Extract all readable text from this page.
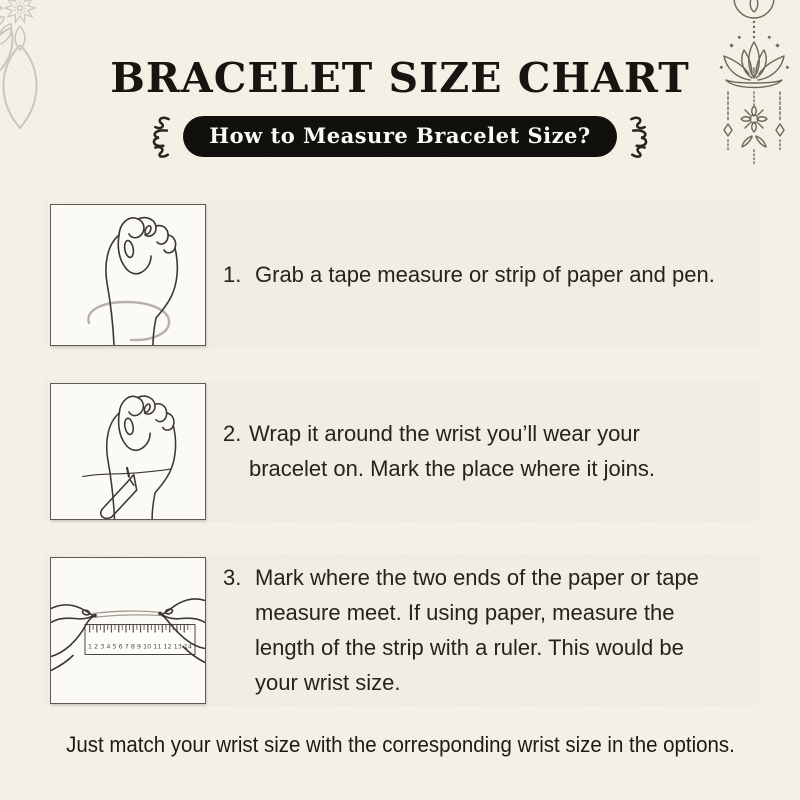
BRACELET SIZE CHART
How to Measure Bracelet Size?
1. Grab a tape measure or strip of paper and pen.
2. Wrap it around the wrist you’ll wear your bracelet on. Mark the place where it joins.
1 2 3 4 5 6 7 8 9 10 11 12 13 14
3. Mark where the two ends of the paper or tape measure meet. If using paper, measure the length of the strip with a ruler. This would be your wrist size.
Just match your wrist size with the corresponding wrist size in the options.
